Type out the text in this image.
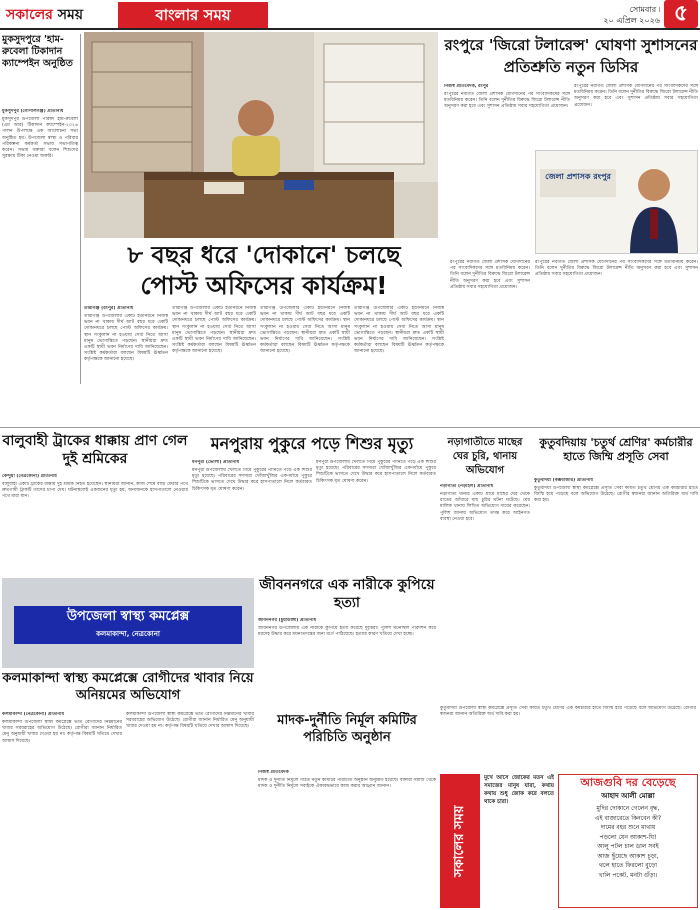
সকালের সময়	বাংলার সময়	সোমবার ৷
২০ এপ্রিল ২০২৬ ৫
মুকসুদপুরে 'হাম-রুবেলা টিকাদান ক্যাম্পেইন অনুষ্ঠিত
মুকসুদপুর (গোপালগঞ্জ) প্রতিনিধি
মুকসুদপুর উপজেলা পরিষদ হাম-রুবেলা (এম আর) টিকাদান ক্যাম্পেইন-২০২৬ পালন উপলক্ষে এক আলোচনা সভা অনুষ্ঠিত হয়। উপজেলা স্বাস্থ্য ও পরিবার পরিকল্পনা কর্মকর্তা সভায় সভাপতিত্ব করেন। সভায় বক্তারা বলেন শিশুদের সুরক্ষায় টিকা নেওয়া জরুরি।
রংপুরে 'জিরো টলারেন্স' ঘোষণা সুশাসনের প্রতিশ্রুতি নতুন ডিসির
নিজস্ব প্রতিবেদক, রংপুর
রংপুরের নবাগত জেলা প্রশাসক যোগদানের পর সাংবাদিকদের সঙ্গে মতবিনিময় করেন। তিনি বলেন দুর্নীতির বিরুদ্ধে জিরো টলারেন্স নীতি অনুসরণ করা হবে এবং সুশাসন প্রতিষ্ঠায় সবার সহযোগিতা প্রয়োজন।
রংপুরের নবাগত জেলা প্রশাসক যোগদানের পর সাংবাদিকদের সঙ্গে মতবিনিময় করেন। তিনি বলেন দুর্নীতির বিরুদ্ধে জিরো টলারেন্স নীতি অনুসরণ করা হবে এবং সুশাসন প্রতিষ্ঠায় সবার সহযোগিতা প্রয়োজন।
জেলা প্রশাসক রংপুর
৮ বছর ধরে 'দোকানে' চলছে
পোস্ট অফিসের কার্যক্রম!
তারাগঞ্জ (রংপুর) প্রতিনিধি
তারাগঞ্জ উপজেলার একটি ইউনিয়নে নিজস্ব ভবন না থাকায় দীর্ঘ আট বছর ধরে একটি দোকানঘরে চলছে পোস্ট অফিসের কার্যক্রম। স্থান সংকুলান না হওয়ায় সেবা নিতে আসা মানুষ ভোগান্তিতে পড়ছেন। স্থানীয়রা দ্রুত একটি স্থায়ী ভবন নির্মাণের দাবি জানিয়েছেন। সংশ্লিষ্ট কর্মকর্তারা বলছেন বিষয়টি ঊর্ধ্বতন কর্তৃপক্ষকে জানানো হয়েছে।
তারাগঞ্জ উপজেলার একটি ইউনিয়নে নিজস্ব ভবন না থাকায় দীর্ঘ আট বছর ধরে একটি দোকানঘরে চলছে পোস্ট অফিসের কার্যক্রম। স্থান সংকুলান না হওয়ায় সেবা নিতে আসা মানুষ ভোগান্তিতে পড়ছেন। স্থানীয়রা দ্রুত একটি স্থায়ী ভবন নির্মাণের দাবি জানিয়েছেন। সংশ্লিষ্ট কর্মকর্তারা বলছেন বিষয়টি ঊর্ধ্বতন কর্তৃপক্ষকে জানানো হয়েছে।
তারাগঞ্জ উপজেলার একটি ইউনিয়নে নিজস্ব ভবন না থাকায় দীর্ঘ আট বছর ধরে একটি দোকানঘরে চলছে পোস্ট অফিসের কার্যক্রম। স্থান সংকুলান না হওয়ায় সেবা নিতে আসা মানুষ ভোগান্তিতে পড়ছেন। স্থানীয়রা দ্রুত একটি স্থায়ী ভবন নির্মাণের দাবি জানিয়েছেন। সংশ্লিষ্ট কর্মকর্তারা বলছেন বিষয়টি ঊর্ধ্বতন কর্তৃপক্ষকে জানানো হয়েছে।
তারাগঞ্জ উপজেলার একটি ইউনিয়নে নিজস্ব ভবন না থাকায় দীর্ঘ আট বছর ধরে একটি দোকানঘরে চলছে পোস্ট অফিসের কার্যক্রম। স্থান সংকুলান না হওয়ায় সেবা নিতে আসা মানুষ ভোগান্তিতে পড়ছেন। স্থানীয়রা দ্রুত একটি স্থায়ী ভবন নির্মাণের দাবি জানিয়েছেন। সংশ্লিষ্ট কর্মকর্তারা বলছেন বিষয়টি ঊর্ধ্বতন কর্তৃপক্ষকে জানানো হয়েছে।
রংপুরের নবাগত জেলা প্রশাসক যোগদানের পর সাংবাদিকদের সঙ্গে মতবিনিময় করেন। তিনি বলেন দুর্নীতির বিরুদ্ধে জিরো টলারেন্স নীতি অনুসরণ করা হবে এবং সুশাসন প্রতিষ্ঠায় সবার সহযোগিতা প্রয়োজন।
রংপুরের নবাগত জেলা প্রশাসক যোগদানের পর সাংবাদিকদের সঙ্গে মতবিনিময় করেন। তিনি বলেন দুর্নীতির বিরুদ্ধে জিরো টলারেন্স নীতি অনুসরণ করা হবে এবং সুশাসন প্রতিষ্ঠায় সবার সহযোগিতা প্রয়োজন।
বালুবাহী ট্রাকের ধাক্কায় প্রাণ গেল দুই শ্রমিকের
কেন্দুয়া (নেত্রকোনা) প্রতিনিধি
বালুবাহী একটি ট্রাকের ধাক্কায় দুই শ্রমিক নিহত হয়েছেন। স্থানীয়রা জানান, কাজ শেষে বাড়ি ফেরার পথে দ্রুতগামী ট্রাকটি তাদের চাপা দেয়। ঘটনাস্থলেই একজনের মৃত্যু হয়, অন্যজনকে হাসপাতালে নেওয়ার পথে মারা যান।
মনপুরায় পুকুরে পড়ে শিশুর মৃত্যু
মনপুরা (ভোলা) প্রতিনিধি
মনপুরা উপজেলায় খেলতে গিয়ে পুকুরের পানিতে পড়ে এক শিশুর মৃত্যু হয়েছে। পরিবারের সদস্যরা খোঁজাখুঁজির একপর্যায়ে পুকুরে শিশুটিকে ভাসতে দেখে উদ্ধার করে হাসপাতালে নিলে কর্তব্যরত চিকিৎসক মৃত ঘোষণা করেন।
মনপুরা উপজেলায় খেলতে গিয়ে পুকুরের পানিতে পড়ে এক শিশুর মৃত্যু হয়েছে। পরিবারের সদস্যরা খোঁজাখুঁজির একপর্যায়ে পুকুরে শিশুটিকে ভাসতে দেখে উদ্ধার করে হাসপাতালে নিলে কর্তব্যরত চিকিৎসক মৃত ঘোষণা করেন।
নড়াগাতীতে মাছের ঘের চুরি, থানায় অভিযোগ
নড়াগাতী (নড়াইল) প্রতিনিধি
নড়াগাতী থানার একটি গ্রামে মাছের ঘের থেকে রাতের আঁধারে মাছ চুরির ঘটনা ঘটেছে। ঘের মালিক থানায় লিখিত অভিযোগ দায়ের করেছেন। পুলিশ জানায় অভিযোগ তদন্ত করে আইনগত ব্যবস্থা নেওয়া হবে।
কুতুবদিয়ায় 'চতুর্থ শ্রেণির' কর্মচারীর হাতে জিম্মি প্রসূতি সেবা
কুতুবদিয়া (কক্সবাজার) প্রতিনিধি
কুতুবদিয়া উপজেলা স্বাস্থ্য কমপ্লেক্সে প্রসূতি সেবা কার্যত চতুর্থ শ্রেণির এক কর্মচারীর হাতে জিম্মি হয়ে পড়েছে বলে অভিযোগ উঠেছে। রোগীর স্বজনরা জানান অতিরিক্ত অর্থ দাবি করা হয়।
উপজেলা স্বাস্থ্য কমপ্লেক্স
কলমাকান্দা, নেত্রকোনা
কলমাকান্দা স্বাস্থ্য কমপ্লেক্সে রোগীদের খাবার নিয়ে অনিয়মের অভিযোগ
কলমাকান্দা (নেত্রকোনা) প্রতিনিধি
কলমাকান্দা উপজেলা স্বাস্থ্য কমপ্লেক্সে ভর্তি রোগীদের নিম্নমানের খাবার সরবরাহের অভিযোগ উঠেছে। রোগীরা জানান নির্ধারিত মেনু অনুযায়ী খাবার দেওয়া হয় না। কর্তৃপক্ষ বিষয়টি খতিয়ে দেখার আশ্বাস দিয়েছে।
কলমাকান্দা উপজেলা স্বাস্থ্য কমপ্লেক্সে ভর্তি রোগীদের নিম্নমানের খাবার সরবরাহের অভিযোগ উঠেছে। রোগীরা জানান নির্ধারিত মেনু অনুযায়ী খাবার দেওয়া হয় না। কর্তৃপক্ষ বিষয়টি খতিয়ে দেখার আশ্বাস দিয়েছে।
জীবননগরে এক নারীকে কুপিয়ে হত্যা
জীবননগর (চুয়াডাঙ্গা) প্রতিনিধি
জীবননগর উপজেলায় এক নারীকে কুপিয়ে হত্যা করেছে দুর্বৃত্তরা। পুলিশ ঘটনাস্থল পরিদর্শন করে মরদেহ উদ্ধার করে ময়নাতদন্তের জন্য মর্গে পাঠিয়েছে। হত্যার কারণ খতিয়ে দেখা হচ্ছে।
মাদক-দুর্নীতি নির্মূল কমিটির পরিচিতি অনুষ্ঠান
নিজস্ব প্রতিবেদক
মাদক ও দুর্নীতি নির্মূলে গঠিত নতুন কমিটির পরিচিতি অনুষ্ঠান অনুষ্ঠিত হয়েছে। বক্তারা সমাজ থেকে মাদক ও দুর্নীতি নির্মূলে সবাইকে ঐক্যবদ্ধভাবে কাজ করার আহ্বান জানান।
কুতুবদিয়া উপজেলা স্বাস্থ্য কমপ্লেক্সে প্রসূতি সেবা কার্যত চতুর্থ শ্রেণির এক কর্মচারীর হাতে জিম্মি হয়ে পড়েছে বলে অভিযোগ উঠেছে। রোগীর স্বজনরা জানান অতিরিক্ত অর্থ দাবি করা হয়।
সকালের সময়
মুখে আসে জোকের মতন এই সমাজের মানুষ যারা, কথায় কথায় শুধু জোক করে বলতে থাকে চারা।
আজগুবি দর বেড়েছে
আহাদ আলী মোল্লা
মুদির দোকানে গেলেন বৃদ্ধ,
এই বাজারেতে কিনবেন কী?
দামের বহর শুনে মাথায়
পড়লো যেন আকাশ-ঘি!
আলু পটল চাল ডাল সবই
আজ ছুঁয়েছে আকাশ চূড়া,
থলে হাতে ফিরলো বুড়ো
খালি পকেট, মনটা গুঁড়া।
